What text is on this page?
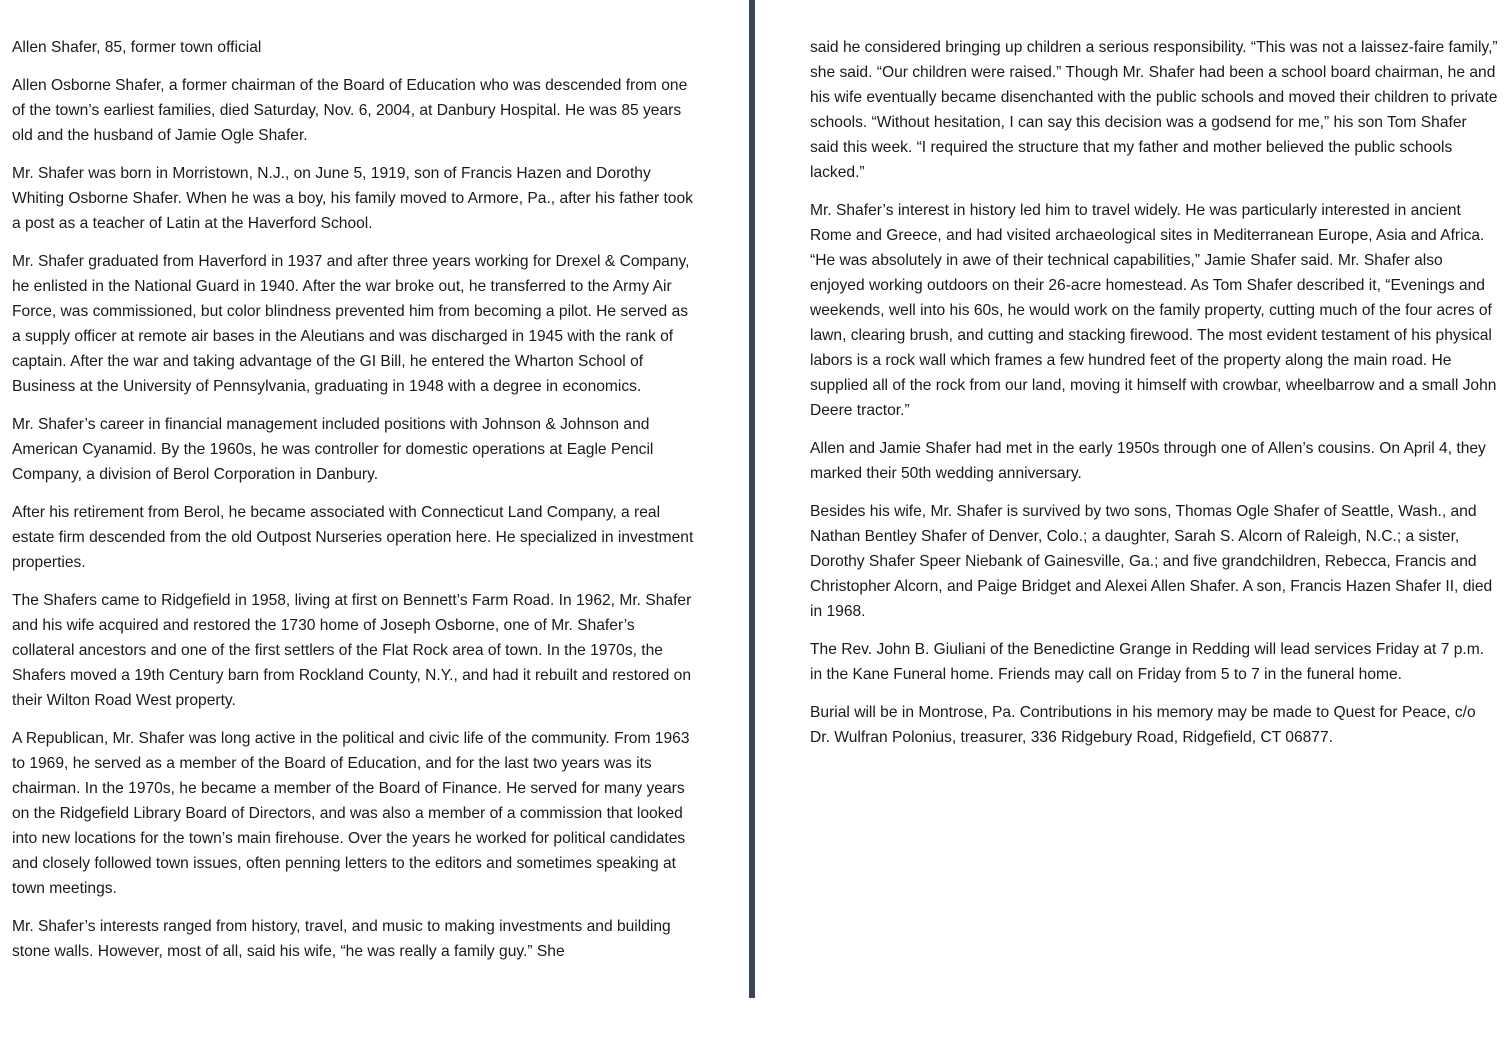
Allen Shafer, 85, former town official

Allen Osborne Shafer, a former chairman of the Board of Education who was descended from one of the town’s earliest families, died Saturday, Nov. 6, 2004, at Danbury Hospital. He was 85 years old and the husband of Jamie Ogle Shafer.

Mr. Shafer was born in Morristown, N.J., on June 5, 1919, son of Francis Hazen and Dorothy Whiting Osborne Shafer. When he was a boy, his family moved to Armore, Pa., after his father took a post as a teacher of Latin at the Haverford School.

Mr. Shafer graduated from Haverford in 1937 and after three years working for Drexel & Company, he enlisted in the National Guard in 1940. After the war broke out, he transferred to the Army Air Force, was commissioned, but color blindness prevented him from becoming a pilot. He served as a supply officer at remote air bases in the Aleutians and was discharged in 1945 with the rank of captain. After the war and taking advantage of the GI Bill, he entered the Wharton School of Business at the University of Pennsylvania, graduating in 1948 with a degree in economics.

Mr. Shafer’s career in financial management included positions with Johnson & Johnson and American Cyanamid. By the 1960s, he was controller for domestic operations at Eagle Pencil Company, a division of Berol Corporation in Danbury.

After his retirement from Berol, he became associated with Connecticut Land Company, a real estate firm descended from the old Outpost Nurseries operation here. He specialized in investment properties.

The Shafers came to Ridgefield in 1958, living at first on Bennett’s Farm Road. In 1962, Mr. Shafer and his wife acquired and restored the 1730 home of Joseph Osborne, one of Mr. Shafer’s collateral ancestors and one of the first settlers of the Flat Rock area of town. In the 1970s, the Shafers moved a 19th Century barn from Rockland County, N.Y., and had it rebuilt and restored on their Wilton Road West property.

A Republican, Mr. Shafer was long active in the political and civic life of the community. From 1963 to 1969, he served as a member of the Board of Education, and for the last two years was its chairman. In the 1970s, he became a member of the Board of Finance. He served for many years on the Ridgefield Library Board of Directors, and was also a member of a commission that looked into new locations for the town’s main firehouse. Over the years he worked for political candidates and closely followed town issues, often penning letters to the editors and sometimes speaking at town meetings.

Mr. Shafer’s interests ranged from history, travel, and music to making investments and building stone walls. However, most of all, said his wife, “he was really a family guy.” She

said he considered bringing up children a serious responsibility. “This was not a laissez-faire family,” she said. “Our children were raised.” Though Mr. Shafer had been a school board chairman, he and his wife eventually became disenchanted with the public schools and moved their children to private schools. “Without hesitation, I can say this decision was a godsend for me,” his son Tom Shafer said this week. “I required the structure that my father and mother believed the public schools lacked.”

Mr. Shafer’s interest in history led him to travel widely. He was particularly interested in ancient Rome and Greece, and had visited archaeological sites in Mediterranean Europe, Asia and Africa. “He was absolutely in awe of their technical capabilities,” Jamie Shafer said. Mr. Shafer also enjoyed working outdoors on their 26-acre homestead. As Tom Shafer described it, “Evenings and weekends, well into his 60s, he would work on the family property, cutting much of the four acres of lawn, clearing brush, and cutting and stacking firewood. The most evident testament of his physical labors is a rock wall which frames a few hundred feet of the property along the main road. He supplied all of the rock from our land, moving it himself with crowbar, wheelbarrow and a small John Deere tractor.”

Allen and Jamie Shafer had met in the early 1950s through one of Allen’s cousins. On April 4, they marked their 50th wedding anniversary.

Besides his wife, Mr. Shafer is survived by two sons, Thomas Ogle Shafer of Seattle, Wash., and Nathan Bentley Shafer of Denver, Colo.; a daughter, Sarah S. Alcorn of Raleigh, N.C.; a sister, Dorothy Shafer Speer Niebank of Gainesville, Ga.; and five grandchildren, Rebecca, Francis and Christopher Alcorn, and Paige Bridget and Alexei Allen Shafer. A son, Francis Hazen Shafer II, died in 1968.

The Rev. John B. Giuliani of the Benedictine Grange in Redding will lead services Friday at 7 p.m. in the Kane Funeral home. Friends may call on Friday from 5 to 7 in the funeral home.

Burial will be in Montrose, Pa. Contributions in his memory may be made to Quest for Peace, c/o Dr. Wulfran Polonius, treasurer, 336 Ridgebury Road, Ridgefield, CT 06877.
